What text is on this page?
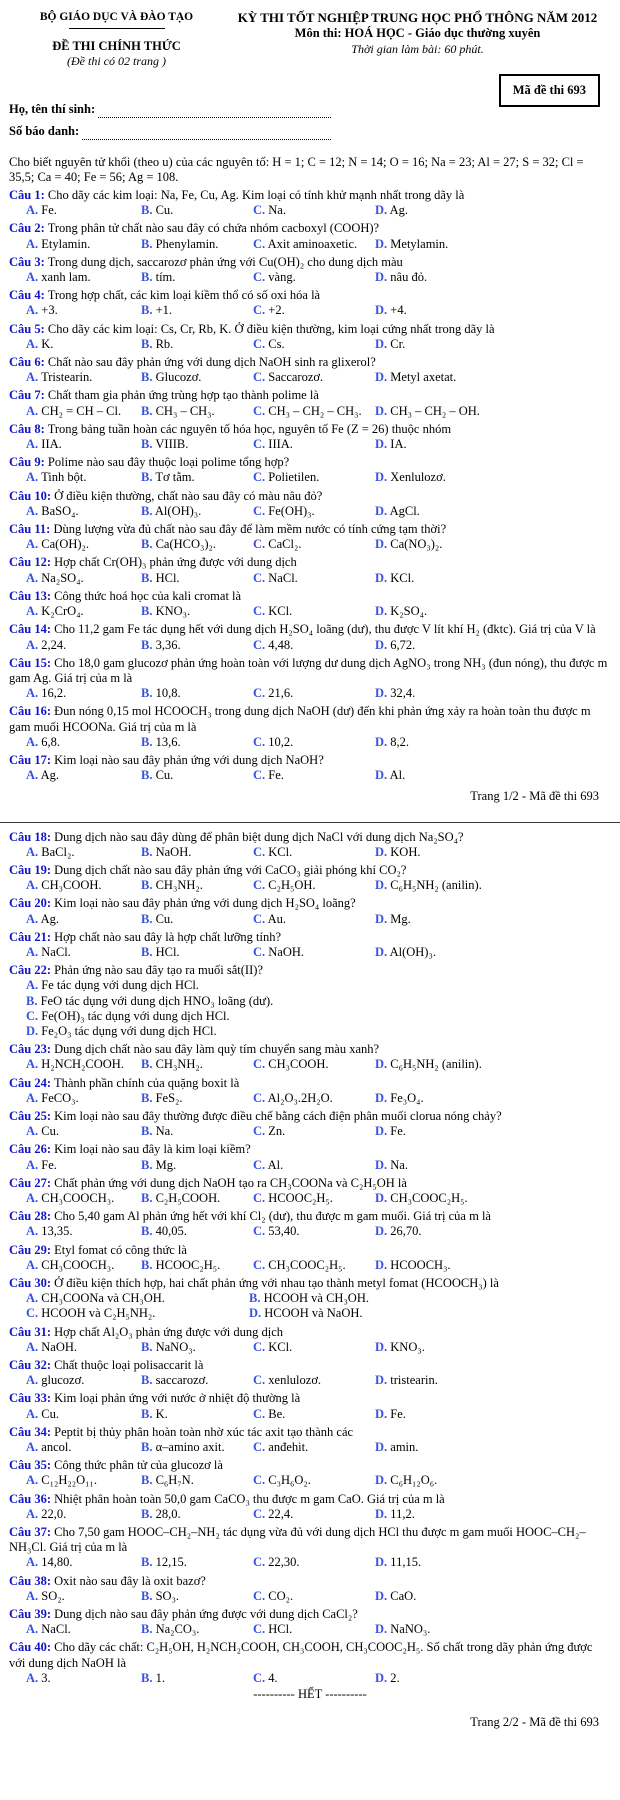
BỘ GIÁO DỤC VÀ ĐÀO TẠO
ĐỀ THI CHÍNH THỨC
(Đề thi có 02 trang )
KỲ THI TỐT NGHIỆP TRUNG HỌC PHỔ THÔNG NĂM 2012
Môn thi: HOÁ HỌC - Giáo dục thường xuyên
Thời gian làm bài: 60 phút.
Mã đề thi 693
Họ, tên thí sinh:
Số báo danh:
Cho biết nguyên tử khối (theo u) của các nguyên tố: H = 1; C = 12; N = 14; O = 16; Na = 23; Al = 27; S = 32; Cl = 35,5; Ca = 40; Fe = 56; Ag = 108.
Câu 1: Cho dãy các kim loại: Na, Fe, Cu, Ag. Kim loại có tính khử mạnh nhất trong dãy là
A. Fe.	B. Cu.	C. Na.	D. Ag.
Câu 2: Trong phân tử chất nào sau đây có chứa nhóm cacboxyl (COOH)?
A. Etylamin.	B. Phenylamin.	C. Axit aminoaxetic.	D. Metylamin.
Câu 3: Trong dung dịch, saccarozơ phản ứng với Cu(OH)₂ cho dung dịch màu
A. xanh lam.	B. tím.	C. vàng.	D. nâu đỏ.
Câu 4: Trong hợp chất, các kim loại kiềm thổ có số oxi hóa là
A. +3.	B. +1.	C. +2.	D. +4.
Câu 5: Cho dãy các kim loại: Cs, Cr, Rb, K. Ở điều kiện thường, kim loại cứng nhất trong dãy là
A. K.	B. Rb.	C. Cs.	D. Cr.
Câu 6: Chất nào sau đây phản ứng với dung dịch NaOH sinh ra glixerol?
A. Tristearin.	B. Glucozơ.	C. Saccarozơ.	D. Metyl axetat.
Câu 7: Chất tham gia phản ứng trùng hợp tạo thành polime là
A. CH₂ = CH – Cl.	B. CH₃ – CH₃.	C. CH₃ – CH₂ – CH₃.	D. CH₃ – CH₂ – OH.
Câu 8: Trong bảng tuần hoàn các nguyên tố hóa học, nguyên tố Fe (Z = 26) thuộc nhóm
A. IIA.	B. VIIIB.	C. IIIA.	D. IA.
Câu 9: Polime nào sau đây thuộc loại polime tổng hợp?
A. Tinh bột.	B. Tơ tằm.	C. Polietilen.	D. Xenlulozơ.
Câu 10: Ở điều kiện thường, chất nào sau đây có màu nâu đỏ?
A. BaSO₄.	B. Al(OH)₃.	C. Fe(OH)₃.	D. AgCl.
Câu 11: Dùng lượng vừa đủ chất nào sau đây để làm mềm nước có tính cứng tạm thời?
A. Ca(OH)₂.	B. Ca(HCO₃)₂.	C. CaCl₂.	D. Ca(NO₃)₂.
Câu 12: Hợp chất Cr(OH)₃ phản ứng được với dung dịch
A. Na₂SO₄.	B. HCl.	C. NaCl.	D. KCl.
Câu 13: Công thức hoá học của kali cromat là
A. K₂CrO₄.	B. KNO₃.	C. KCl.	D. K₂SO₄.
Câu 14: Cho 11,2 gam Fe tác dụng hết với dung dịch H₂SO₄ loãng (dư), thu được V lít khí H₂ (đktc). Giá trị của V là
A. 2,24.	B. 3,36.	C. 4,48.	D. 6,72.
Câu 15: Cho 18,0 gam glucozơ phản ứng hoàn toàn với lượng dư dung dịch AgNO₃ trong NH₃ (đun nóng), thu được m gam Ag. Giá trị của m là
A. 16,2.	B. 10,8.	C. 21,6.	D. 32,4.
Câu 16: Đun nóng 0,15 mol HCOOCH₃ trong dung dịch NaOH (dư) đến khi phản ứng xảy ra hoàn toàn thu được m gam muối HCOONa. Giá trị của m là
A. 6,8.	B. 13,6.	C. 10,2.	D. 8,2.
Câu 17: Kim loại nào sau đây phản ứng với dung dịch NaOH?
A. Ag.	B. Cu.	C. Fe.	D. Al.
Trang 1/2 - Mã đề thi 693
Câu 18: Dung dịch nào sau đây dùng để phân biệt dung dịch NaCl với dung dịch Na₂SO₄?
A. BaCl₂.	B. NaOH.	C. KCl.	D. KOH.
Câu 19: Dung dịch chất nào sau đây phản ứng với CaCO₃ giải phóng khí CO₂?
A. CH₃COOH.	B. CH₃NH₂.	C. C₂H₅OH.	D. C₆H₅NH₂ (anilin).
Câu 20: Kim loại nào sau đây phản ứng với dung dịch H₂SO₄ loãng?
A. Ag.	B. Cu.	C. Au.	D. Mg.
Câu 21: Hợp chất nào sau đây là hợp chất lưỡng tính?
A. NaCl.	B. HCl.	C. NaOH.	D. Al(OH)₃.
Câu 22: Phản ứng nào sau đây tạo ra muối sắt(II)?
A. Fe tác dụng với dung dịch HCl.
B. FeO tác dụng với dung dịch HNO₃ loãng (dư).
C. Fe(OH)₃ tác dụng với dung dịch HCl.
D. Fe₂O₃ tác dụng với dung dịch HCl.
Câu 23: Dung dịch chất nào sau đây làm quỳ tím chuyển sang màu xanh?
A. H₂NCH₂COOH.	B. CH₃NH₂.	C. CH₃COOH.	D. C₆H₅NH₂ (anilin).
Câu 24: Thành phần chính của quặng boxit là
A. FeCO₃.	B. FeS₂.	C. Al₂O₃.2H₂O.	D. Fe₃O₄.
Câu 25: Kim loại nào sau đây thường được điều chế bằng cách điện phân muối clorua nóng chảy?
A. Cu.	B. Na.	C. Zn.	D. Fe.
Câu 26: Kim loại nào sau đây là kim loại kiềm?
A. Fe.	B. Mg.	C. Al.	D. Na.
Câu 27: Chất phản ứng với dung dịch NaOH tạo ra CH₃COONa và C₂H₅OH là
A. CH₃COOCH₃.	B. C₂H₅COOH.	C. HCOOC₂H₅.	D. CH₃COOC₂H₅.
Câu 28: Cho 5,40 gam Al phản ứng hết với khí Cl₂ (dư), thu được m gam muối. Giá trị của m là
A. 13,35.	B. 40,05.	C. 53,40.	D. 26,70.
Câu 29: Etyl fomat có công thức là
A. CH₃COOCH₃.	B. HCOOC₂H₅.	C. CH₃COOC₂H₅.	D. HCOOCH₃.
Câu 30: Ở điều kiện thích hợp, hai chất phản ứng với nhau tạo thành metyl fomat (HCOOCH₃) là
A. CH₃COONa và CH₃OH.	B. HCOOH và CH₃OH.
C. HCOOH và C₂H₅NH₂.	D. HCOOH và NaOH.
Câu 31: Hợp chất Al₂O₃ phản ứng được với dung dịch
A. NaOH.	B. NaNO₃.	C. KCl.	D. KNO₃.
Câu 32: Chất thuộc loại polisaccarit là
A. glucozơ.	B. saccarozơ.	C. xenlulozơ.	D. tristearin.
Câu 33: Kim loại phản ứng với nước ở nhiệt độ thường là
A. Cu.	B. K.	C. Be.	D. Fe.
Câu 34: Peptit bị thủy phân hoàn toàn nhờ xúc tác axit tạo thành các
A. ancol.	B. α–amino axit.	C. anđehit.	D. amin.
Câu 35: Công thức phân tử của glucozơ là
A. C₁₂H₂₂O₁₁.	B. C₆H₇N.	C. C₃H₆O₂.	D. C₆H₁₂O₆.
Câu 36: Nhiệt phân hoàn toàn 50,0 gam CaCO₃ thu được m gam CaO. Giá trị của m là
A. 22,0.	B. 28,0.	C. 22,4.	D. 11,2.
Câu 37: Cho 7,50 gam HOOC–CH₂–NH₂ tác dụng vừa đủ với dung dịch HCl thu được m gam muối HOOC–CH₂–NH₃Cl. Giá trị của m là
A. 14,80.	B. 12,15.	C. 22,30.	D. 11,15.
Câu 38: Oxit nào sau đây là oxit bazơ?
A. SO₂.	B. SO₃.	C. CO₂.	D. CaO.
Câu 39: Dung dịch nào sau đây phản ứng được với dung dịch CaCl₂?
A. NaCl.	B. Na₂CO₃.	C. HCl.	D. NaNO₃.
Câu 40: Cho dãy các chất: C₂H₅OH, H₂NCH₂COOH, CH₃COOH, CH₃COOC₂H₅. Số chất trong dãy phản ứng được với dung dịch NaOH là
A. 3.	B. 1.	C. 4.	D. 2.
---------- HẾT ----------
Trang 2/2 - Mã đề thi 693
